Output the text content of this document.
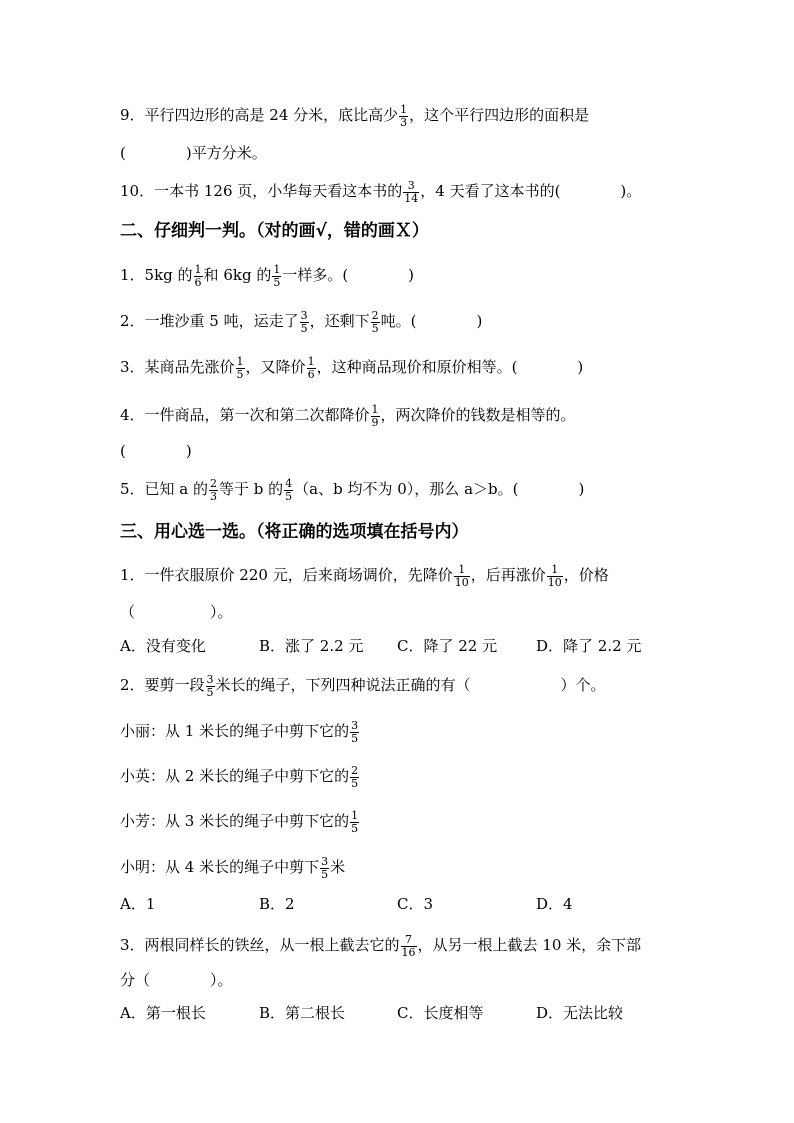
9．平行四边形的高是 24 分米，底比高少 $\frac{1}{3}$ ，这个平行四边形的面积是
(　　　　)平方分米。
10．一本书 126 页，小华每天看这本书的 $\frac{3}{14}$ ，4 天看了这本书的(　　　　)。
二、仔细判一判。（对的画√，错的画Ｘ）
1．5kg 的 $\frac{1}{6}$ 和 6kg 的 $\frac{1}{5}$ 一样多。(　　　　)
2．一堆沙重 5 吨，运走了 $\frac{3}{5}$ ，还剩下 $\frac{2}{5}$ 吨。(　　　　)
3．某商品先涨价 $\frac{1}{5}$ ，又降价 $\frac{1}{6}$ ，这种商品现价和原价相等。(　　　　)
4．一件商品，第一次和第二次都降价 $\frac{1}{9}$ ，两次降价的钱数是相等的。
(　　　　)
5．已知 a 的 $\frac{2}{3}$ 等于 b 的 $\frac{4}{5} (a$、b 均不为 0），那么 a＞b。(　　　　)
三、用心选一选。（将正确的选项填在括号内）
1．一件衣服原价 220 元，后来商场调价，先降价 $\frac{1}{10}$ ，后再涨价 $\frac{1}{10}$ ，价格
（　　　　　）。
A．没有变化	B．涨了 2.2 元 C．降了 22 元	D．降了 2.2 元
2．要剪一段 $\frac{3}{5}$ 米长的绳子，下列四种说法正确的有（　　　　　　）个。
小丽：从 1 米长的绳子中剪下它的 $\frac{3}{5}$
小英：从 2 米长的绳子中剪下它的 $\frac{2}{5}$
小芳：从 3 米长的绳子中剪下它的 $\frac{1}{5}$
小明：从 4 米长的绳子中剪下 $\frac{3}{5}$ 米
A．1	B．2	C．3	D．4
3．两根同样长的铁丝，从一根上截去它的 $\frac{7}{16}$ ，从另一根上截去 10 米，余下部
分（　　　　）。
A．第一根长	B．第二根长	C．长度相等	D．无法比较
